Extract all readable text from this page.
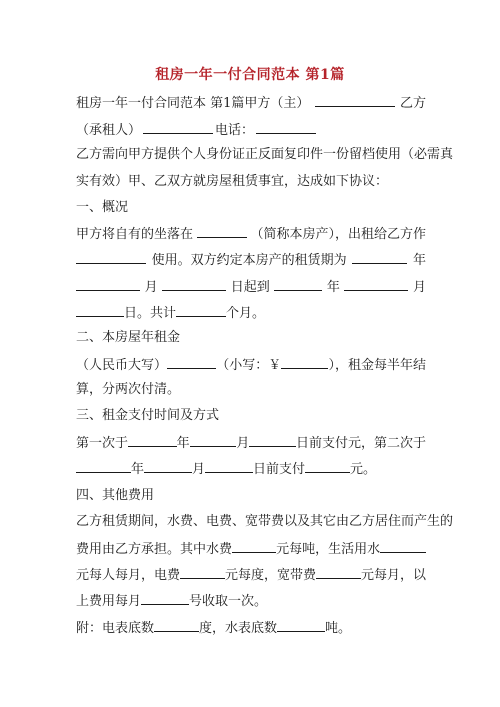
租房一年一付合同范本 第1篇
租房一年一付合同范本 第1篇甲方（主）	乙方
（承租人）	电话：
乙方需向甲方提供个人身份证正反面复印件一份留档使用（必需真
实有效）甲、乙双方就房屋租赁事宜，达成如下协议：
一、概况
甲方将自有的坐落在	（简称本房产），出租给乙方作
使用。双方约定本房产的租赁期为	年
月	日起到	年	月
日。共计	个月。
二、本房屋年租金
（人民币大写）	（小写：￥	），租金每半年结
算，分两次付清。
三、租金支付时间及方式
第一次于	年	月	日前支付元，第二次于
年	月	日前支付	元。
四、其他费用
乙方租赁期间，水费、电费、宽带费以及其它由乙方居住而产生的
费用由乙方承担。其中水费	元每吨，生活用水
元每人每月，电费	元每度，宽带费	元每月，以
上费用每月	号收取一次。
附：电表底数	度，水表底数	吨。
